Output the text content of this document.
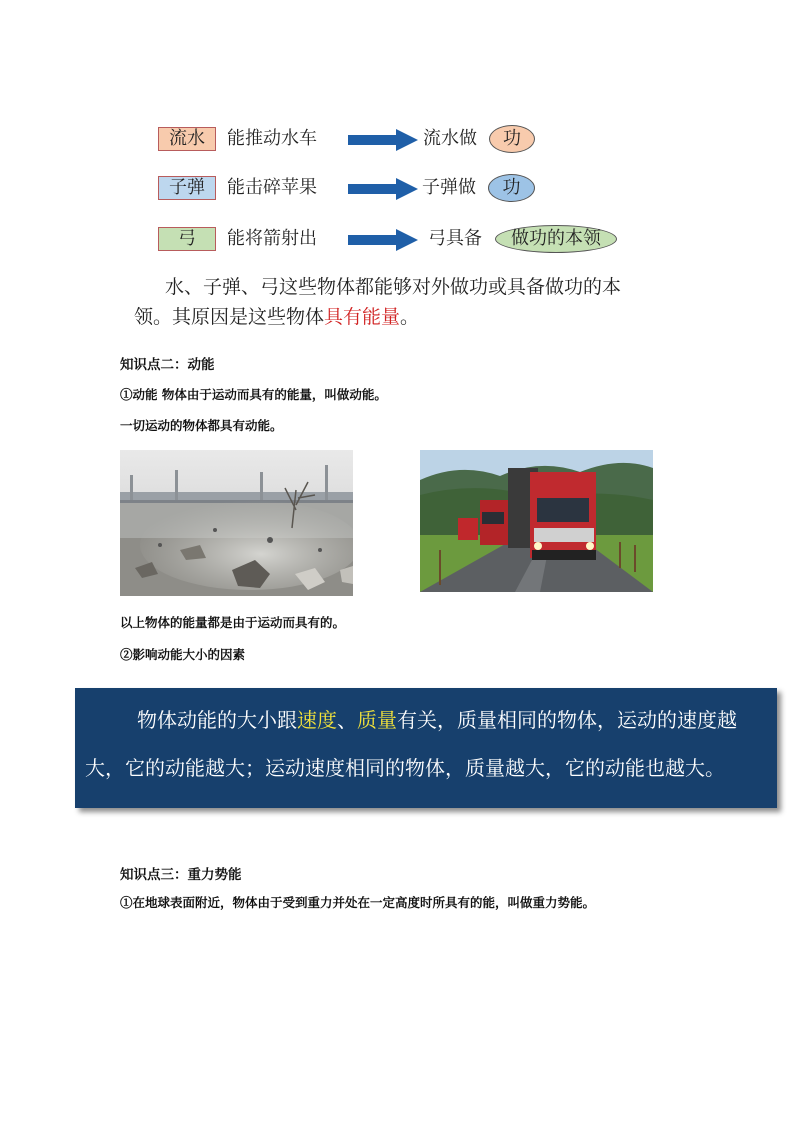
流水	能推动水车	流水做	功
子弹	能击碎苹果	子弹做	功
弓	能将箭射出	弓具备	做功的本领
水、子弹、弓这些物体都能够对外做功或具备做功的本
领。其原因是这些物体具有能量。
知识点二：动能
①动能 物体由于运动而具有的能量，叫做动能。
一切运动的物体都具有动能。
以上物体的能量都是由于运动而具有的。
②影响动能大小的因素
物体动能的大小跟速度、质量有关，质量相同的物体，运动的速度越
大，它的动能越大；运动速度相同的物体，质量越大，它的动能也越大。
知识点三：重力势能
①在地球表面附近，物体由于受到重力并处在一定高度时所具有的能，叫做重力势能。
